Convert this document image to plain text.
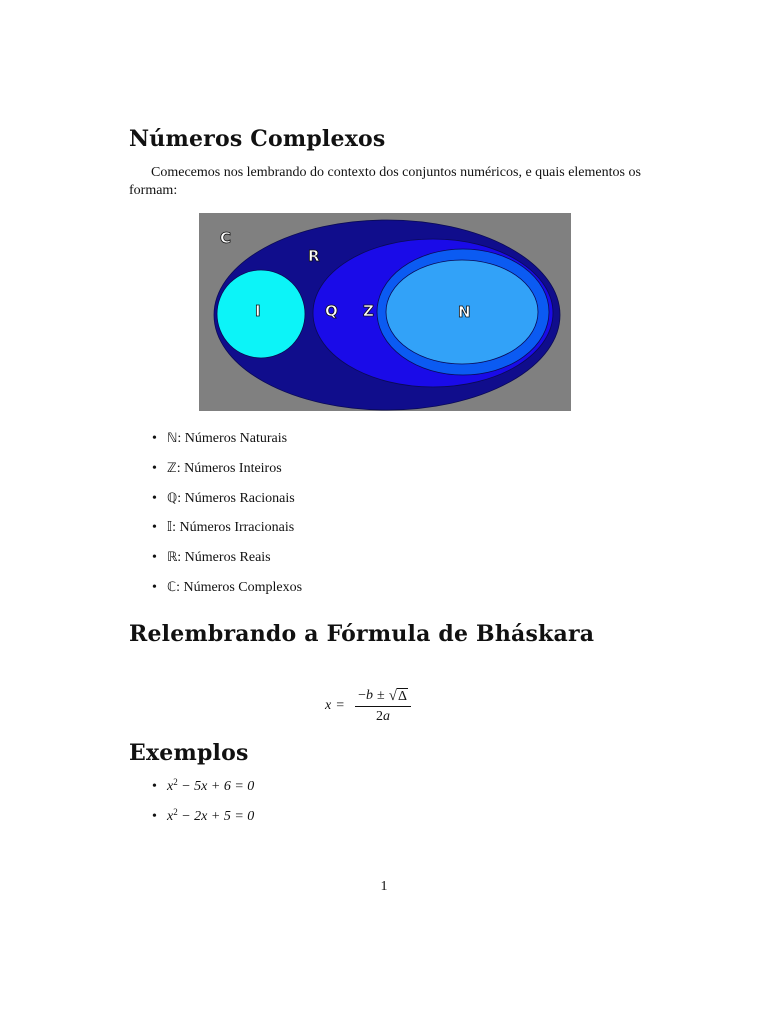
Números Complexos

Comecemos nos lembrando do contexto dos conjuntos numéricos, e quais elementos os formam:

C
R
I	Q Z	N
• ℕ: Números Naturais
• ℤ: Números Inteiros
• ℚ: Números Racionais
• 𝕀: Números Irracionais
• ℝ: Números Reais
• ℂ: Números Complexos
Relembrando a Fórmula de Bháskara
$x = \frac{- b \pm √ \Delta}{2a}$
Exemplos
• $x^2 - 5x + 6 = 0$
• $x^2 - 2x + 5 = 0$
1
